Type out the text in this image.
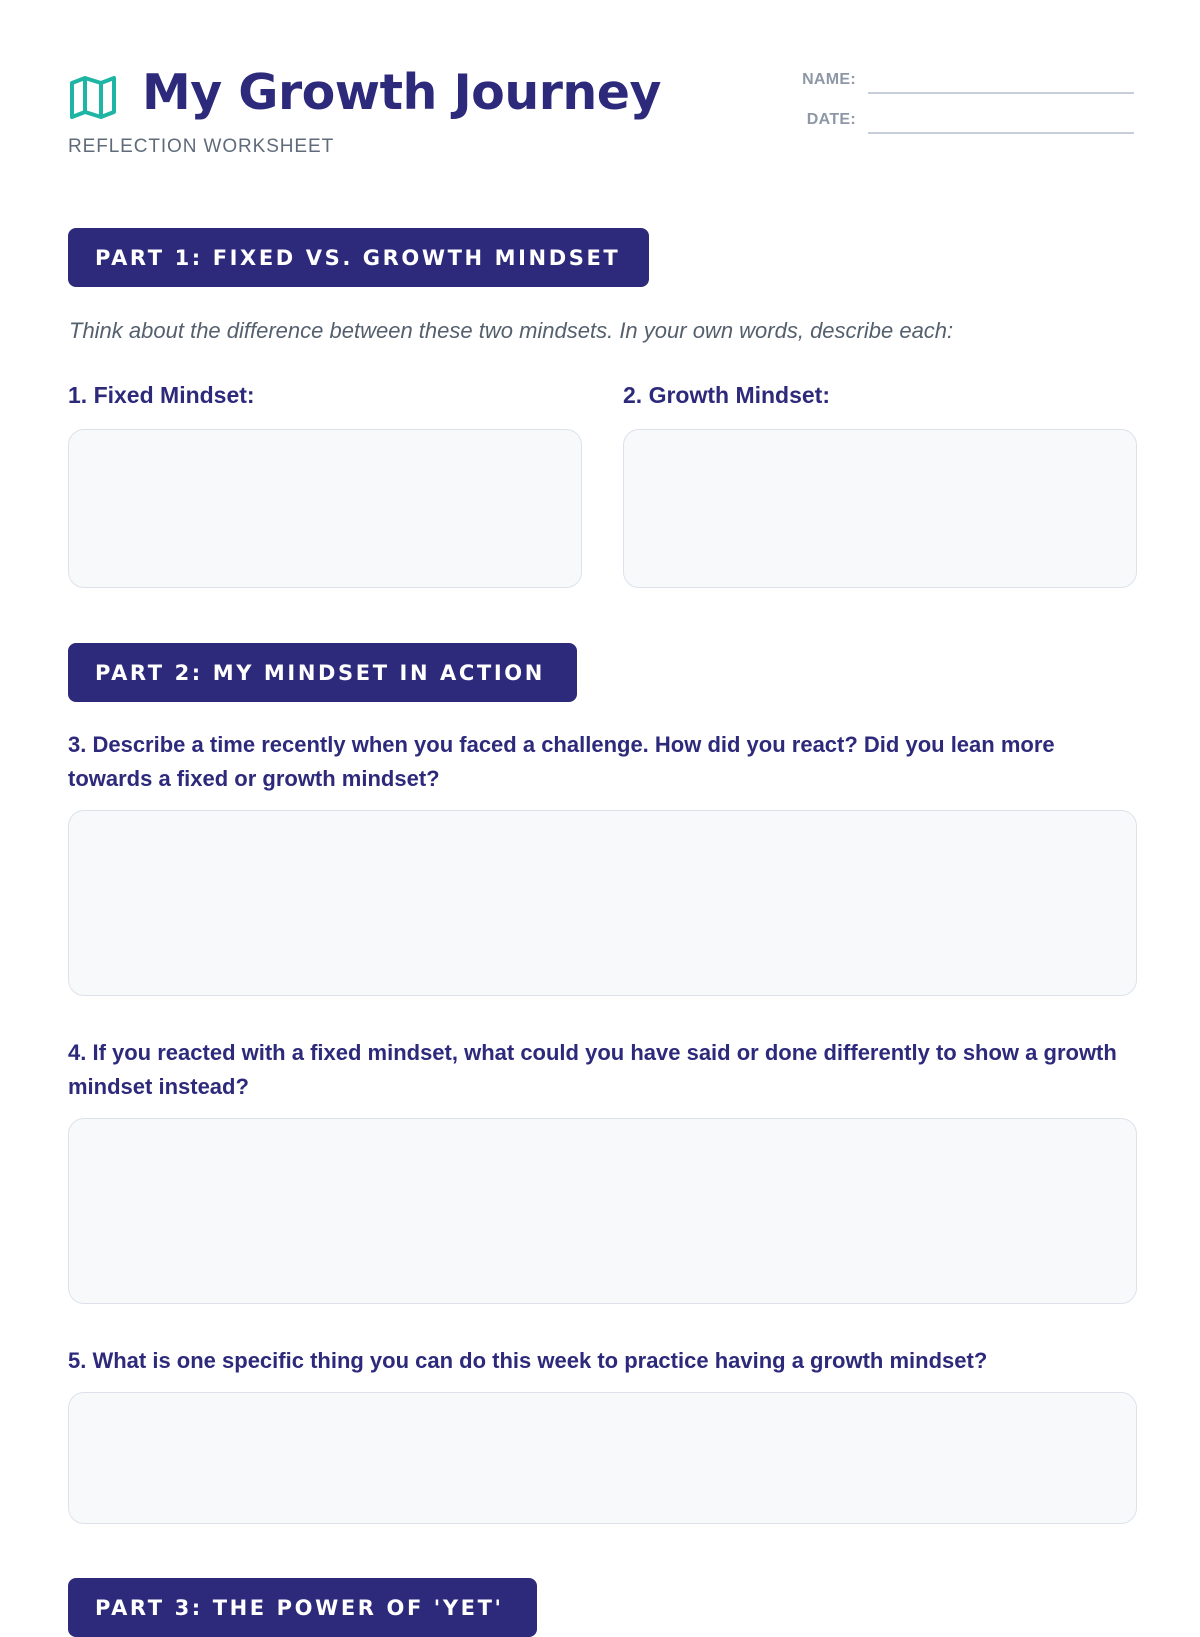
My Growth Journey
REFLECTION WORKSHEET
NAME:
DATE:
PART 1: FIXED VS. GROWTH MINDSET
Think about the difference between these two mindsets. In your own words, describe each:
1. Fixed Mindset:	2. Growth Mindset:
PART 2: MY MINDSET IN ACTION
3. Describe a time recently when you faced a challenge. How did you react? Did you lean more towards a fixed or growth mindset?
4. If you reacted with a fixed mindset, what could you have said or done differently to show a growth mindset instead?
5. What is one specific thing you can do this week to practice having a growth mindset?
PART 3: THE POWER OF 'YET'
